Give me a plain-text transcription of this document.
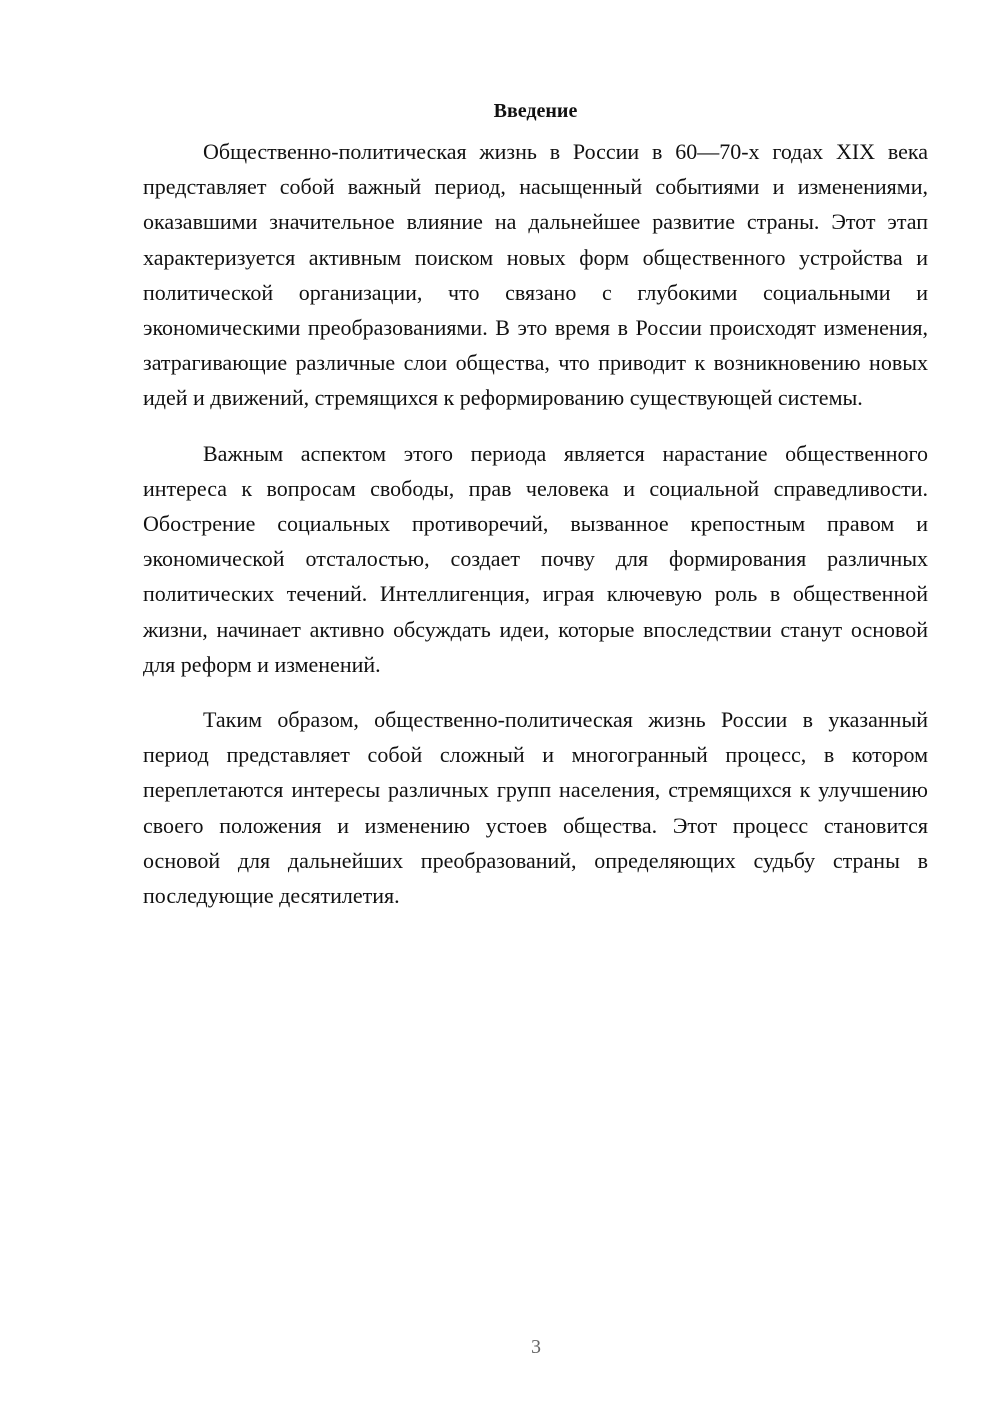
Введение

Общественно-политическая жизнь в России в 60—70-х годах XIX века представляет собой важный период, насыщенный событиями и изменениями, оказавшими значительное влияние на дальнейшее развитие страны. Этот этап характеризуется активным поиском новых форм общественного устройства и политической организации, что связано с глубокими социальными и экономическими преобразованиями. В это время в России происходят изменения, затрагивающие различные слои общества, что приводит к возникновению новых идей и движений, стремящихся к реформированию существующей системы.

Важным аспектом этого периода является нарастание общественного интереса к вопросам свободы, прав человека и социальной справедливости. Обострение социальных противоречий, вызванное крепостным правом и экономической отсталостью, создает почву для формирования различных политических течений. Интеллигенция, играя ключевую роль в общественной жизни, начинает активно обсуждать идеи, которые впоследствии станут основой для реформ и изменений.

Таким образом, общественно-политическая жизнь России в указанный период представляет собой сложный и многогранный процесс, в котором переплетаются интересы различных групп населения, стремящихся к улучшению своего положения и изменению устоев общества. Этот процесс становится основой для дальнейших преобразований, определяющих судьбу страны в последующие десятилетия.

3
